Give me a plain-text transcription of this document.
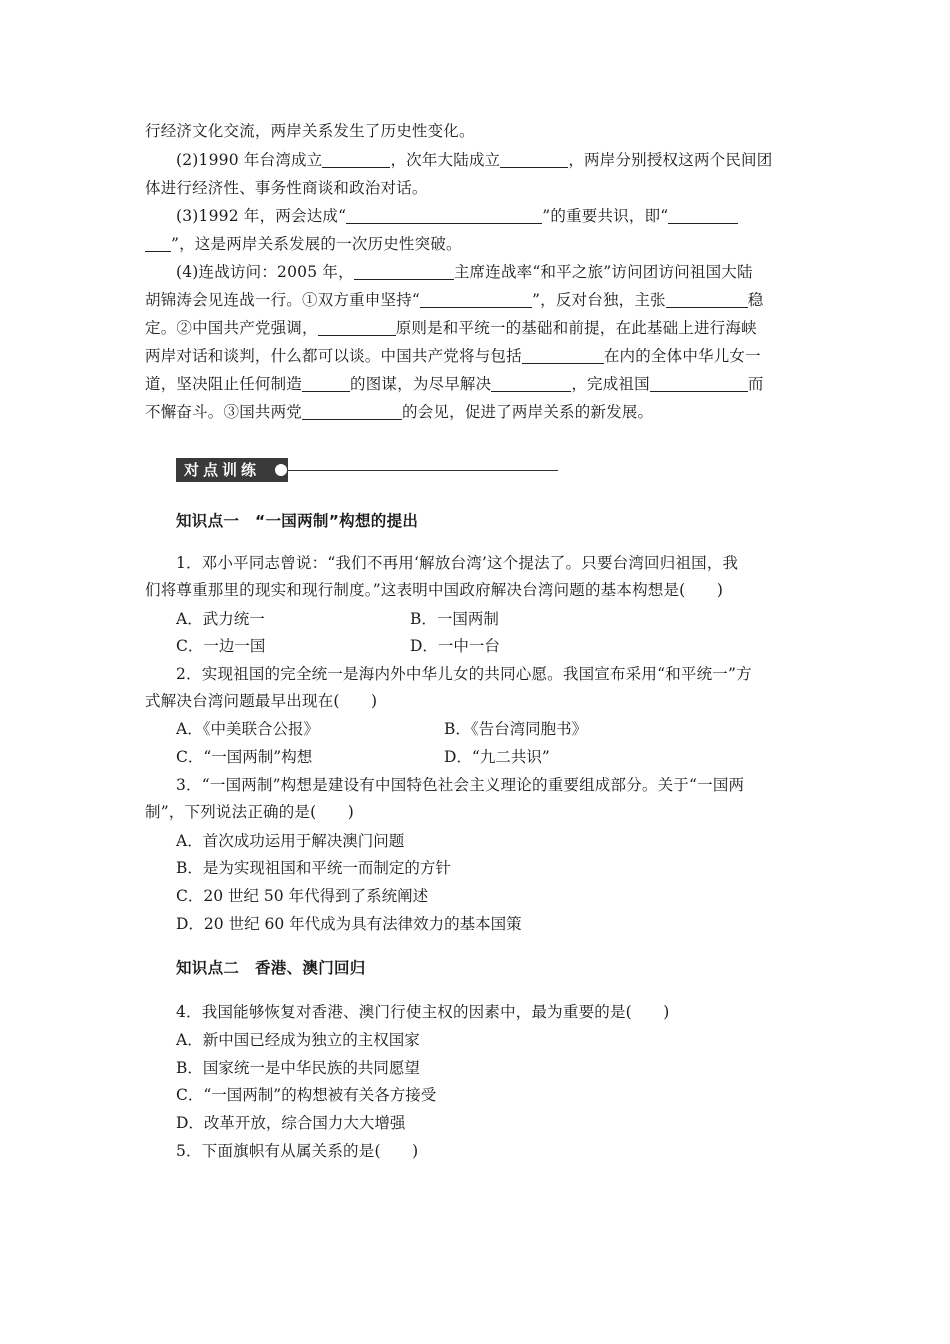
行经济文化交流，两岸关系发生了历史性变化。
(2)1990 年台湾成立	，次年大陆成立	，两岸分别授权这两个民间团
体进行经济性、事务性商谈和政治对话。
(3)1992 年，两会达成“	”的重要共识，即“
”，这是两岸关系发展的一次历史性突破。
(4)连战访问：2005 年，	主席连战率“和平之旅”访问团访问祖国大陆
胡锦涛会见连战一行。①双方重申坚持“	”，反对台独，主张	稳
定。②中国共产党强调，	原则是和平统一的基础和前提，在此基础上进行海峡
两岸对话和谈判，什么都可以谈。中国共产党将与包括	在内的全体中华儿女一
道，坚决阻止任何制造	的图谋，为尽早解决	，完成祖国	而
不懈奋斗。③国共两党	的会见，促进了两岸关系的新发展。
对点训练
知识点一　“一国两制”构想的提出
1．邓小平同志曾说：“我们不再用‘解放台湾’这个提法了。只要台湾回归祖国，我
们将尊重那里的现实和现行制度。”这表明中国政府解决台湾问题的基本构想是(　　)
A．武力统一	B．一国两制
C．一边一国	D．一中一台
2．实现祖国的完全统一是海内外中华儿女的共同心愿。我国宣布采用“和平统一”方
式解决台湾问题最早出现在(　　)
A．《中美联合公报》	B．《告台湾同胞书》
C．“一国两制”构想	D．“九二共识”
3．“一国两制”构想是建设有中国特色社会主义理论的重要组成部分。关于“一国两
制”，下列说法正确的是(　　)
A．首次成功运用于解决澳门问题
B．是为实现祖国和平统一而制定的方针
C．20 世纪 50 年代得到了系统阐述
D．20 世纪 60 年代成为具有法律效力的基本国策
知识点二　香港、澳门回归
4．我国能够恢复对香港、澳门行使主权的因素中，最为重要的是(　　)
A．新中国已经成为独立的主权国家
B．国家统一是中华民族的共同愿望
C．“一国两制”的构想被有关各方接受
D．改革开放，综合国力大大增强
5．下面旗帜有从属关系的是(　　)
